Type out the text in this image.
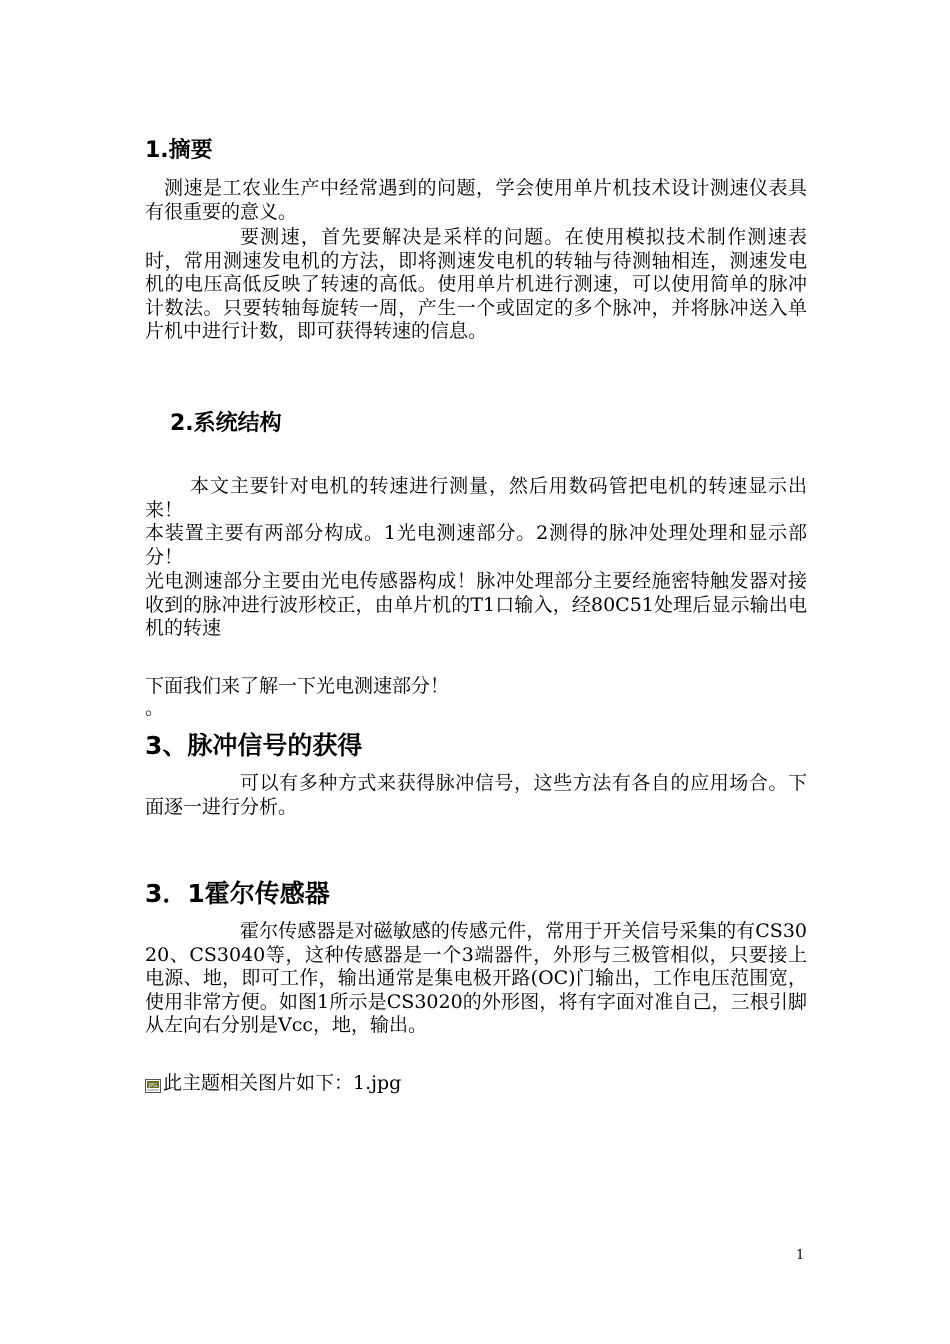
1.摘要
测速是工农业生产中经常遇到的问题，学会使用单片机技术设计测速仪表具有很重要的意义。
要测速，首先要解决是采样的问题。在使用模拟技术制作测速表时，常用测速发电机的方法，即将测速发电机的转轴与待测轴相连，测速发电机的电压高低反映了转速的高低。使用单片机进行测速，可以使用简单的脉冲计数法。只要转轴每旋转一周，产生一个或固定的多个脉冲，并将脉冲送入单片机中进行计数，即可获得转速的信息。
2.系统结构
本文主要针对电机的转速进行测量，然后用数码管把电机的转速显示出来！
本装置主要有两部分构成。1光电测速部分。2测得的脉冲处理处理和显示部分！
光电测速部分主要由光电传感器构成！脉冲处理部分主要经施密特触发器对接收到的脉冲进行波形校正，由单片机的T1口输入，经80C51处理后显示输出电机的转速
下面我们来了解一下光电测速部分！
。
3、脉冲信号的获得
可以有多种方式来获得脉冲信号，这些方法有各自的应用场合。下面逐一进行分析。
3．1霍尔传感器
霍尔传感器是对磁敏感的传感元件，常用于开关信号采集的有CS3020、CS3040等，这种传感器是一个3端器件，外形与三极管相似，只要接上电源、地，即可工作，输出通常是集电极开路(OC)门输出，工作电压范围宽，使用非常方便。如图1所示是CS3020的外形图，将有字面对准自己，三根引脚从左向右分别是Vcc，地，输出。
JPG 此主题相关图片如下：1.jpg
1
